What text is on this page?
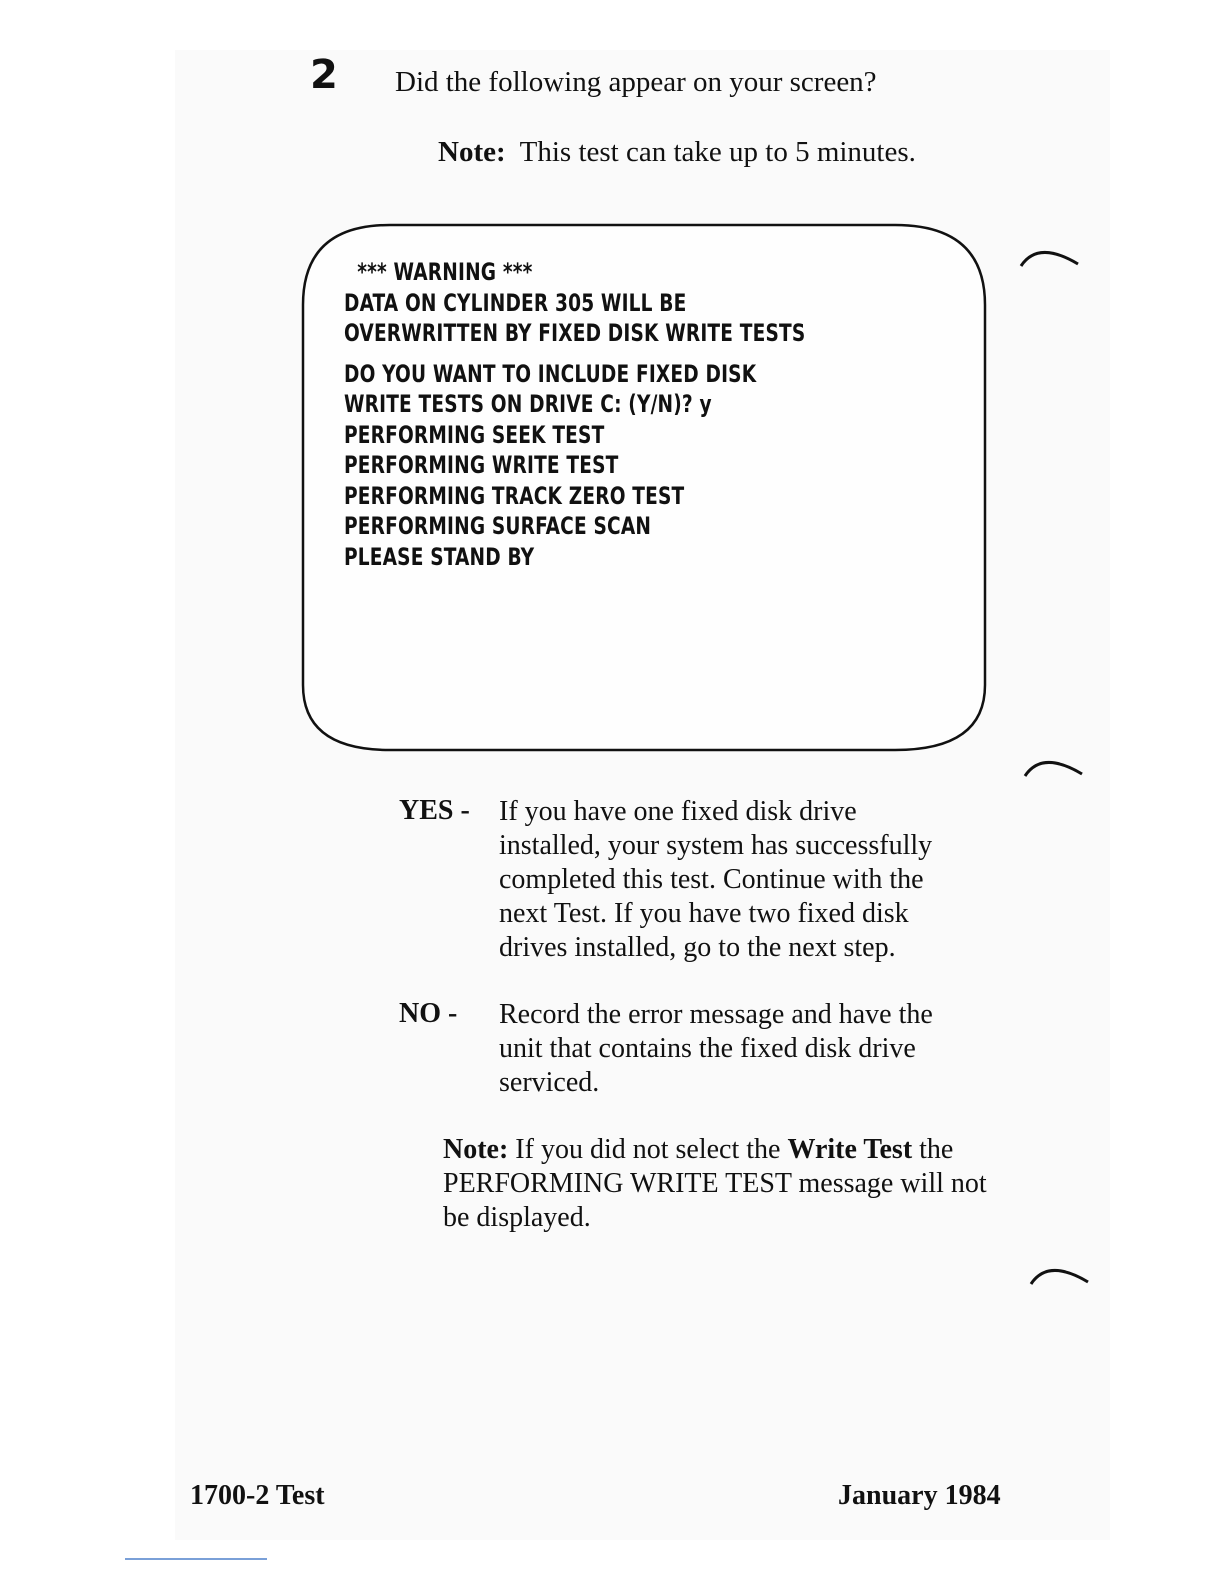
2 Did the following appear on your screen?
Note: This test can take up to 5 minutes.
*** WARNING ***
DATA ON CYLINDER 305 WILL BE
OVERWRITTEN BY FIXED DISK WRITE TESTS
DO YOU WANT TO INCLUDE FIXED DISK
WRITE TESTS ON DRIVE C: (Y/N)? y
PERFORMING SEEK TEST
PERFORMING WRITE TEST
PERFORMING TRACK ZERO TEST
PERFORMING SURFACE SCAN
PLEASE STAND BY
YES - If you have one fixed disk drive
installed, your system has successfully
completed this test. Continue with the
next Test. If you have two fixed disk
drives installed, go to the next step.
NO - Record the error message and have the
unit that contains the fixed disk drive
serviced.
Note: If you did not select the Write Test the PERFORMING WRITE TEST message will not be displayed.
1700-2 Test	January 1984
